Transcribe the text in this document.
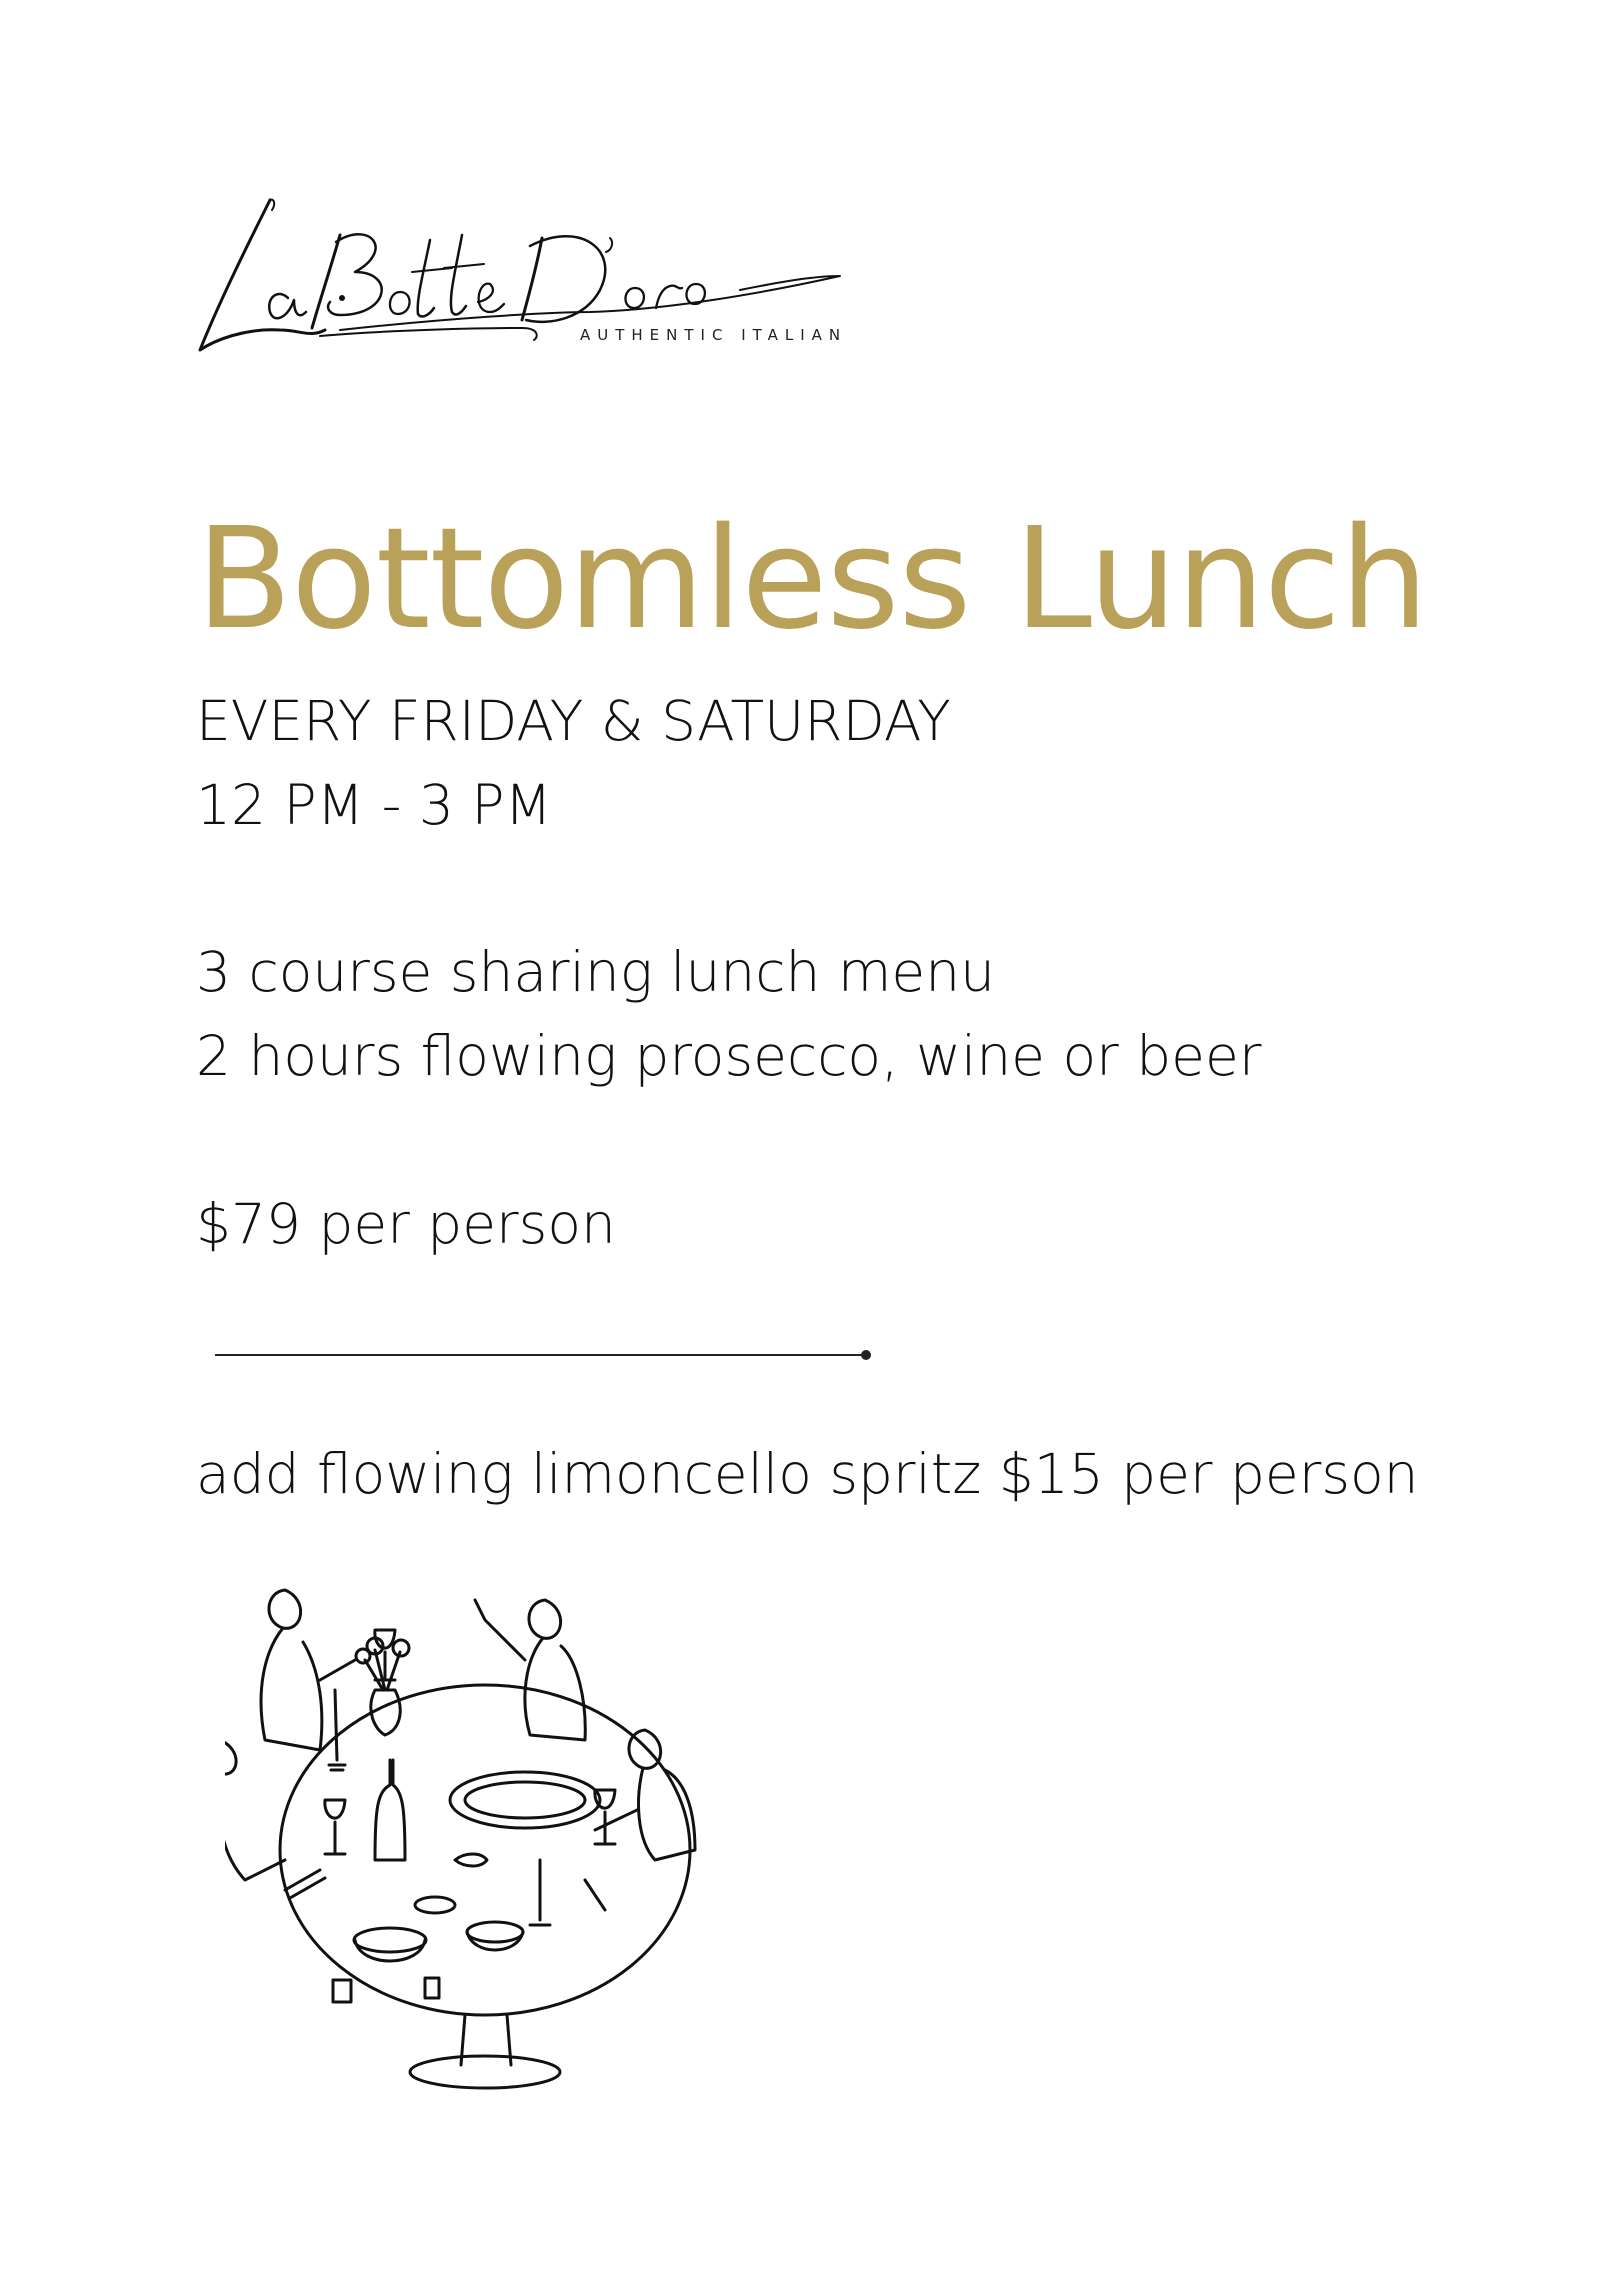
AUTHENTIC ITALIAN
Bottomless Lunch
EVERY FRIDAY & SATURDAY
12 PM - 3 PM
3 course sharing lunch menu
2 hours flowing prosecco, wine or beer
$79 per person
add flowing limoncello spritz $15 per person
